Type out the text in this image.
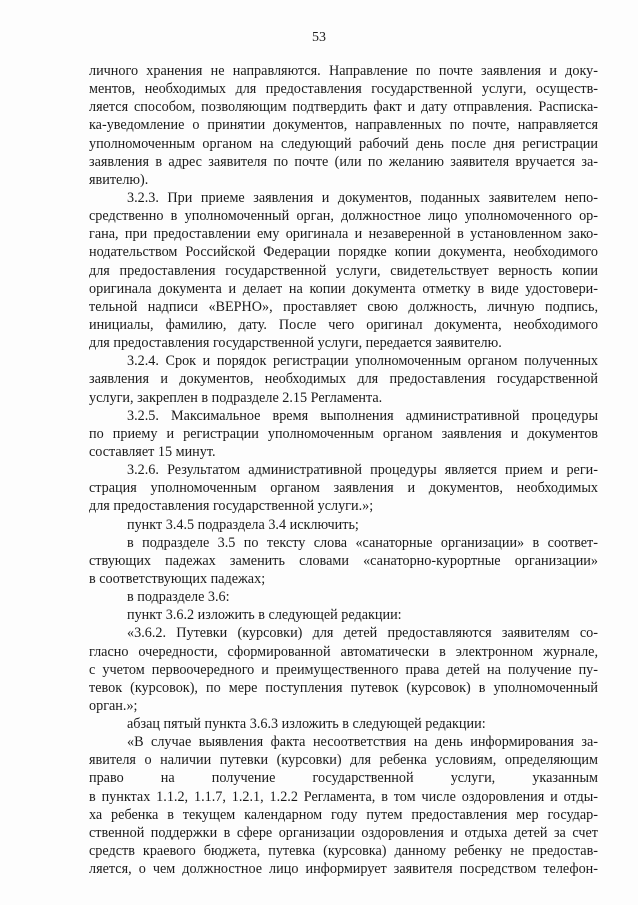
53
личного хранения не направляются. Направление по почте заявления и доку-
ментов, необходимых для предоставления государственной услуги, осуществ-
ляется способом, позволяющим подтвердить факт и дату отправления. Расписка-
ка-уведомление о принятии документов, направленных по почте, направляется
уполномоченным органом на следующий рабочий день после дня регистрации
заявления в адрес заявителя по почте (или по желанию заявителя вручается за-
явителю).
3.2.3. При приеме заявления и документов, поданных заявителем непо-
средственно в уполномоченный орган, должностное лицо уполномоченного ор-
гана, при предоставлении ему оригинала и незаверенной в установленном зако-
нодательством Российской Федерации порядке копии документа, необходимого
для предоставления государственной услуги, свидетельствует верность копии
оригинала документа и делает на копии документа отметку в виде удостовери-
тельной надписи «ВЕРНО», проставляет свою должность, личную подпись,
инициалы, фамилию, дату. После чего оригинал документа, необходимого
для предоставления государственной услуги, передается заявителю.
3.2.4. Срок и порядок регистрации уполномоченным органом полученных
заявления и документов, необходимых для предоставления государственной
услуги, закреплен в подразделе 2.15 Регламента.
3.2.5. Максимальное время выполнения административной процедуры
по приему и регистрации уполномоченным органом заявления и документов
составляет 15 минут.
3.2.6. Результатом административной процедуры является прием и реги-
страция уполномоченным органом заявления и документов, необходимых
для предоставления государственной услуги.»;
пункт 3.4.5 подраздела 3.4 исключить;
в подразделе 3.5 по тексту слова «санаторные организации» в соответ-
ствующих падежах заменить словами «санаторно-курортные организации»
в соответствующих падежах;
в подразделе 3.6:
пункт 3.6.2 изложить в следующей редакции:
«3.6.2. Путевки (курсовки) для детей предоставляются заявителям со-
гласно очередности, сформированной автоматически в электронном журнале,
с учетом первоочередного и преимущественного права детей на получение пу-
тевок (курсовок), по мере поступления путевок (курсовок) в уполномоченный
орган.»;
абзац пятый пункта 3.6.3 изложить в следующей редакции:
«В случае выявления факта несоответствия на день информирования за-
явителя о наличии путевки (курсовки) для ребенка условиям, определяющим
право на получение государственной услуги, указанным
в пунктах 1.1.2, 1.1.7, 1.2.1, 1.2.2 Регламента, в том числе оздоровления и отды-
ха ребенка в текущем календарном году путем предоставления мер государ-
ственной поддержки в сфере организации оздоровления и отдыха детей за счет
средств краевого бюджета, путевка (курсовка) данному ребенку не предостав-
ляется, о чем должностное лицо информирует заявителя посредством телефон-
